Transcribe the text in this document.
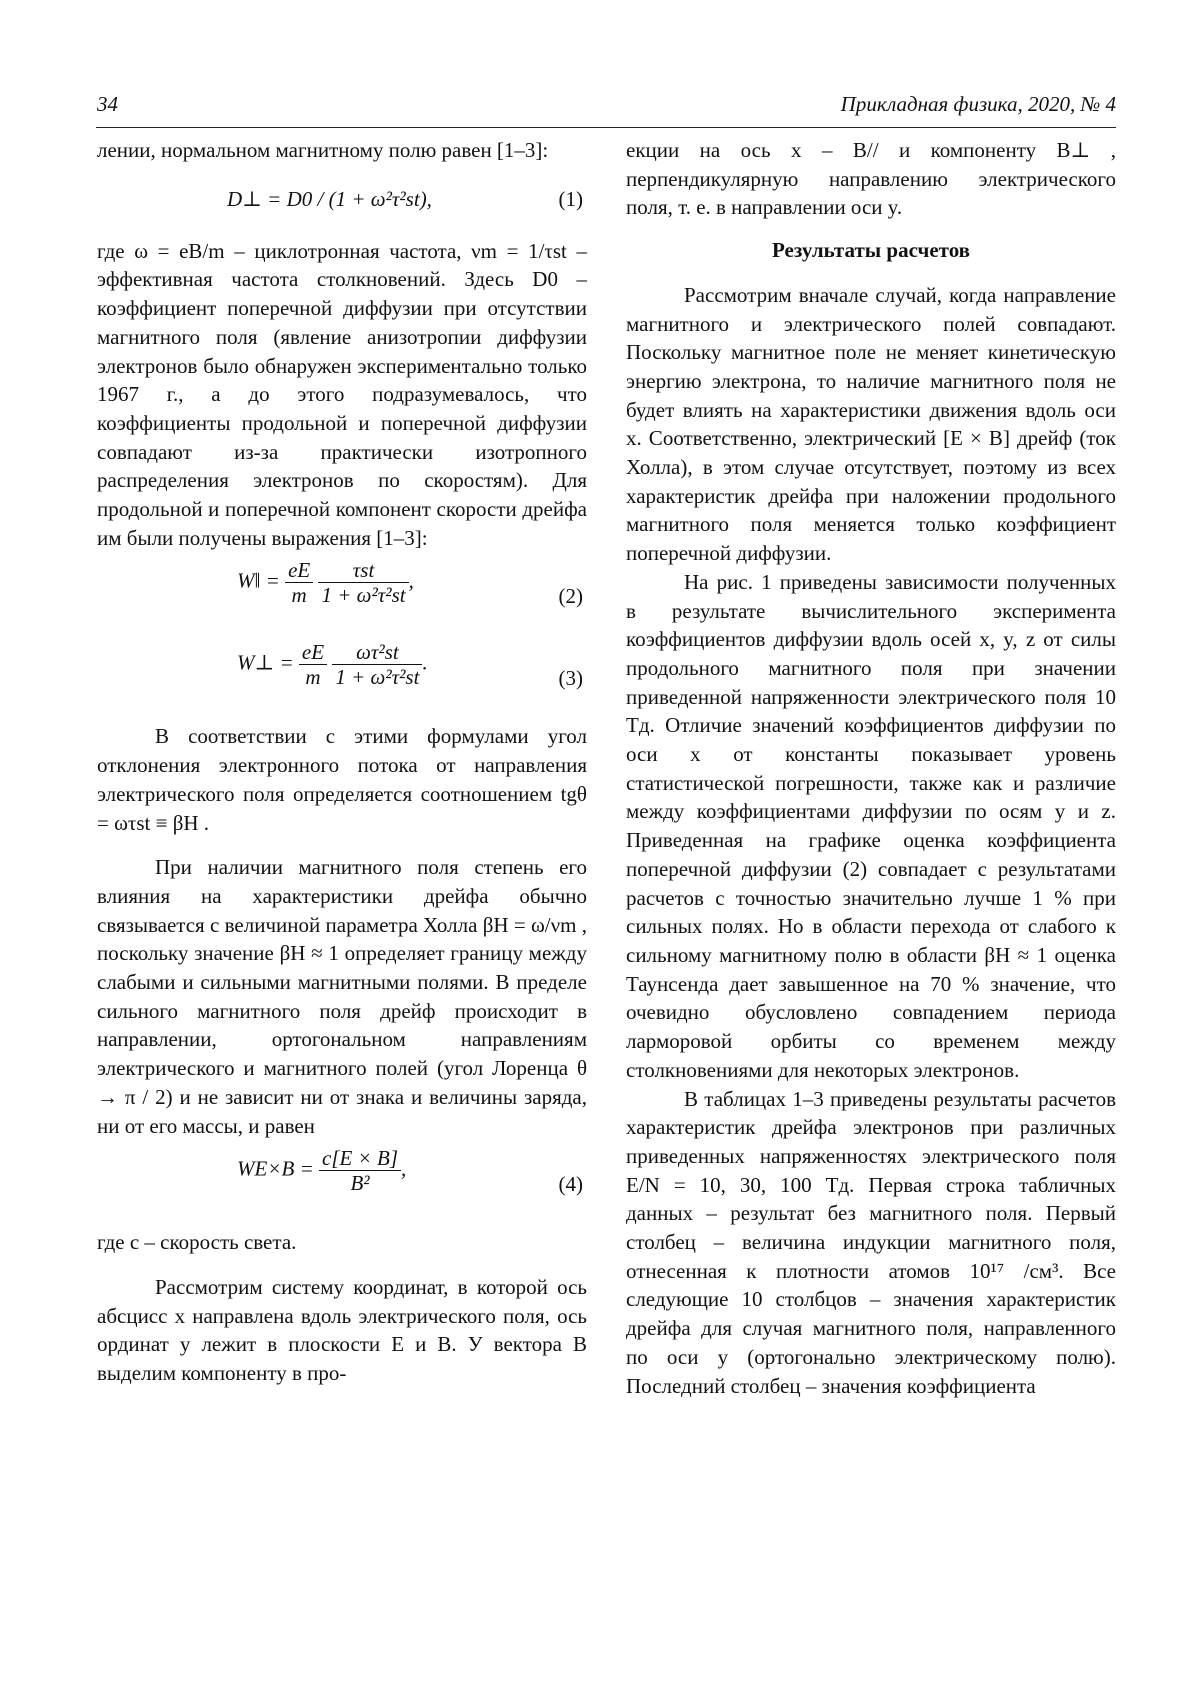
34	Прикладная физика, 2020, № 4

лении, нормальном магнитному полю равен [1–3]:

D⊥ = D0 / (1 + ω²τ²st),	(1)

где ω = eB/m – циклотронная частота, νm = 1/τst – эффективная частота столкновений. Здесь D0 – коэффициент поперечной диффузии при отсутствии магнитного поля (явление анизотропии диффузии электронов было обнаружен экспериментально только 1967 г., а до этого подразумевалось, что коэффициенты продольной и поперечной диффузии совпадают из-за практически изотропного распределения электронов по скоростям). Для продольной и поперечной компонент скорости дрейфа им были получены выражения [1–3]:

W‖ = $\frac{eE}{m}$
$\frac{\text{τst}}{\text{1 + ω²τ²st}}$ ,
(2)
W⊥ = $\frac{eE}{m}$
$\frac{\text{ωτ²st}}{\text{1 + ω²τ²st}}$ .
(3)

В соответствии с этими формулами угол отклонения электронного потока от направления электрического поля определяется соотношением tgθ = ωτst ≡ βH .

При наличии магнитного поля степень его влияния на характеристики дрейфа обычно связывается с величиной параметра Холла βH = ω/νm , поскольку значение βH ≈ 1 определяет границу между слабыми и сильными магнитными полями. В пределе сильного магнитного поля дрейф происходит в направлении, ортогональном направлениям электрического и магнитного полей (угол Лоренца θ → π / 2) и не зависит ни от знака и величины заряда, ни от его массы, и равен

$WE\times B = \frac{c[E \times B]}{\text{B²}}$ ,
(4)

где c – скорость света.

Рассмотрим систему координат, в которой ось абсцисс x направлена вдоль электрического поля, ось ординат y лежит в плоскости E и B. У вектора B выделим компоненту в про-

екции на ось x – B// и компоненту B⊥ , перпендикулярную направлению электрического поля, т. е. в направлении оси y.

Результаты расчетов

Рассмотрим вначале случай, когда направление магнитного и электрического полей совпадают. Поскольку магнитное поле не меняет кинетическую энергию электрона, то наличие магнитного поля не будет влиять на характеристики движения вдоль оси x. Соответственно, электрический [E × B] дрейф (ток Холла), в этом случае отсутствует, поэтому из всех характеристик дрейфа при наложении продольного магнитного поля меняется только коэффициент поперечной диффузии.

На рис. 1 приведены зависимости полученных в результате вычислительного эксперимента коэффициентов диффузии вдоль осей x, y, z от силы продольного магнитного поля при значении приведенной напряженности электрического поля 10 Тд. Отличие значений коэффициентов диффузии по оси x от константы показывает уровень статистической погрешности, также как и различие между коэффициентами диффузии по осям y и z. Приведенная на графике оценка коэффициента поперечной диффузии (2) совпадает с результатами расчетов с точностью значительно лучше 1 % при сильных полях. Но в области перехода от слабого к сильному магнитному полю в области βH ≈ 1 оценка Таунсенда дает завышенное на 70 % значение, что очевидно обусловлено совпадением периода ларморовой орбиты со временем между столкновениями для некоторых электронов.

В таблицах 1–3 приведены результаты расчетов характеристик дрейфа электронов при различных приведенных напряженностях электрического поля E/N = 10, 30, 100 Тд. Первая строка табличных данных – результат без магнитного поля. Первый столбец – величина индукции магнитного поля, отнесенная к плотности атомов 10¹⁷ /см³. Все следующие 10 столбцов – значения характеристик дрейфа для случая магнитного поля, направленного по оси y (ортогонально электрическому полю). Последний столбец – значения коэффициента
